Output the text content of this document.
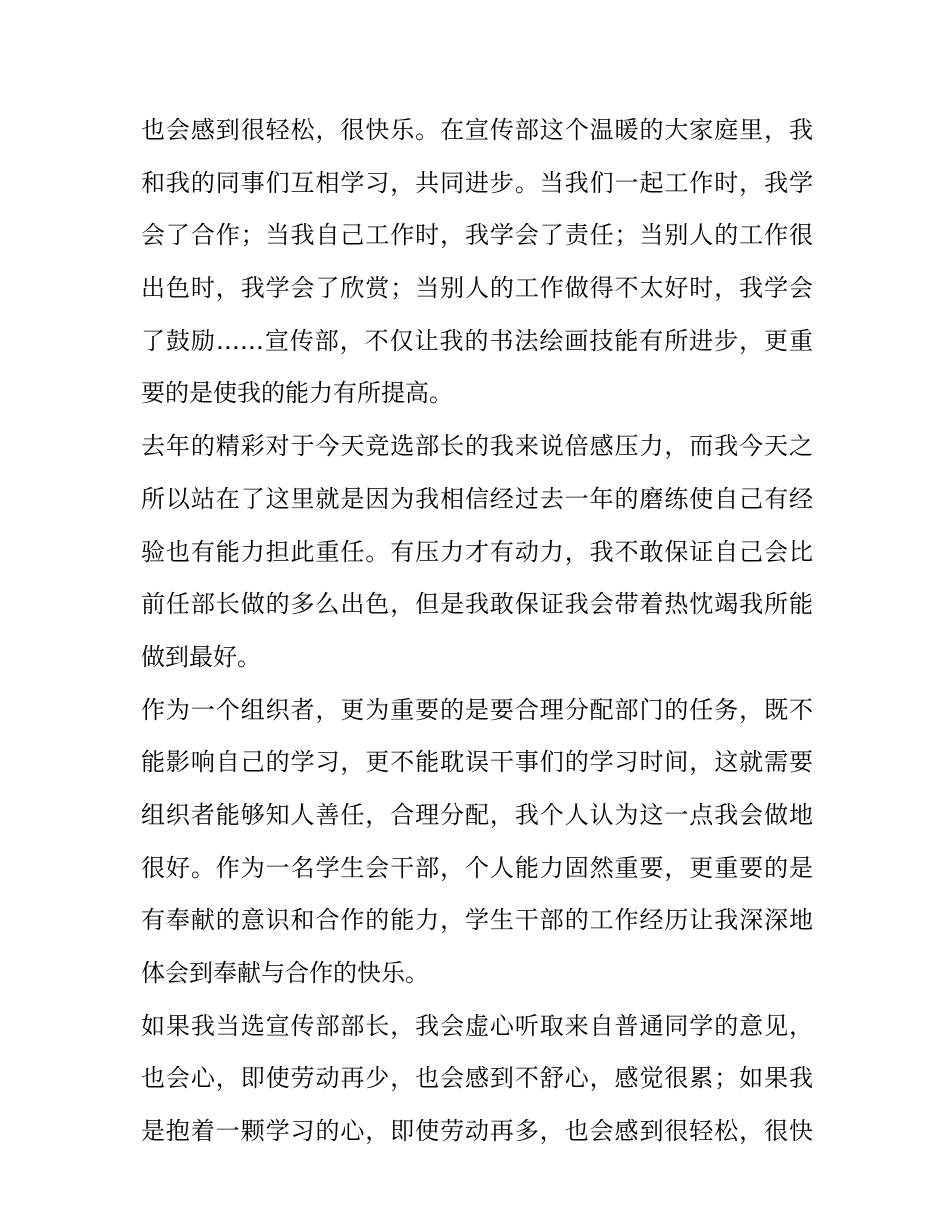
也会感到很轻松，很快乐。在宣传部这个温暖的大家庭里，我
和我的同事们互相学习，共同进步。当我们一起工作时，我学
会了合作；当我自己工作时，我学会了责任；当别人的工作很
出色时，我学会了欣赏；当别人的工作做得不太好时，我学会
了鼓励……宣传部，不仅让我的书法绘画技能有所进步，更重
要的是使我的能力有所提高。
去年的精彩对于今天竞选部长的我来说倍感压力，而我今天之
所以站在了这里就是因为我相信经过去一年的磨练使自己有经
验也有能力担此重任。有压力才有动力，我不敢保证自己会比
前任部长做的多么出色，但是我敢保证我会带着热忱竭我所能
做到最好。
作为一个组织者，更为重要的是要合理分配部门的任务，既不
能影响自己的学习，更不能耽误干事们的学习时间，这就需要
组织者能够知人善任，合理分配，我个人认为这一点我会做地
很好。作为一名学生会干部，个人能力固然重要，更重要的是
有奉献的意识和合作的能力，学生干部的工作经历让我深深地
体会到奉献与合作的快乐。
如果我当选宣传部部长，我会虚心听取来自普通同学的意见，
也会心，即使劳动再少，也会感到不舒心，感觉很累；如果我
是抱着一颗学习的心，即使劳动再多，也会感到很轻松，很快
